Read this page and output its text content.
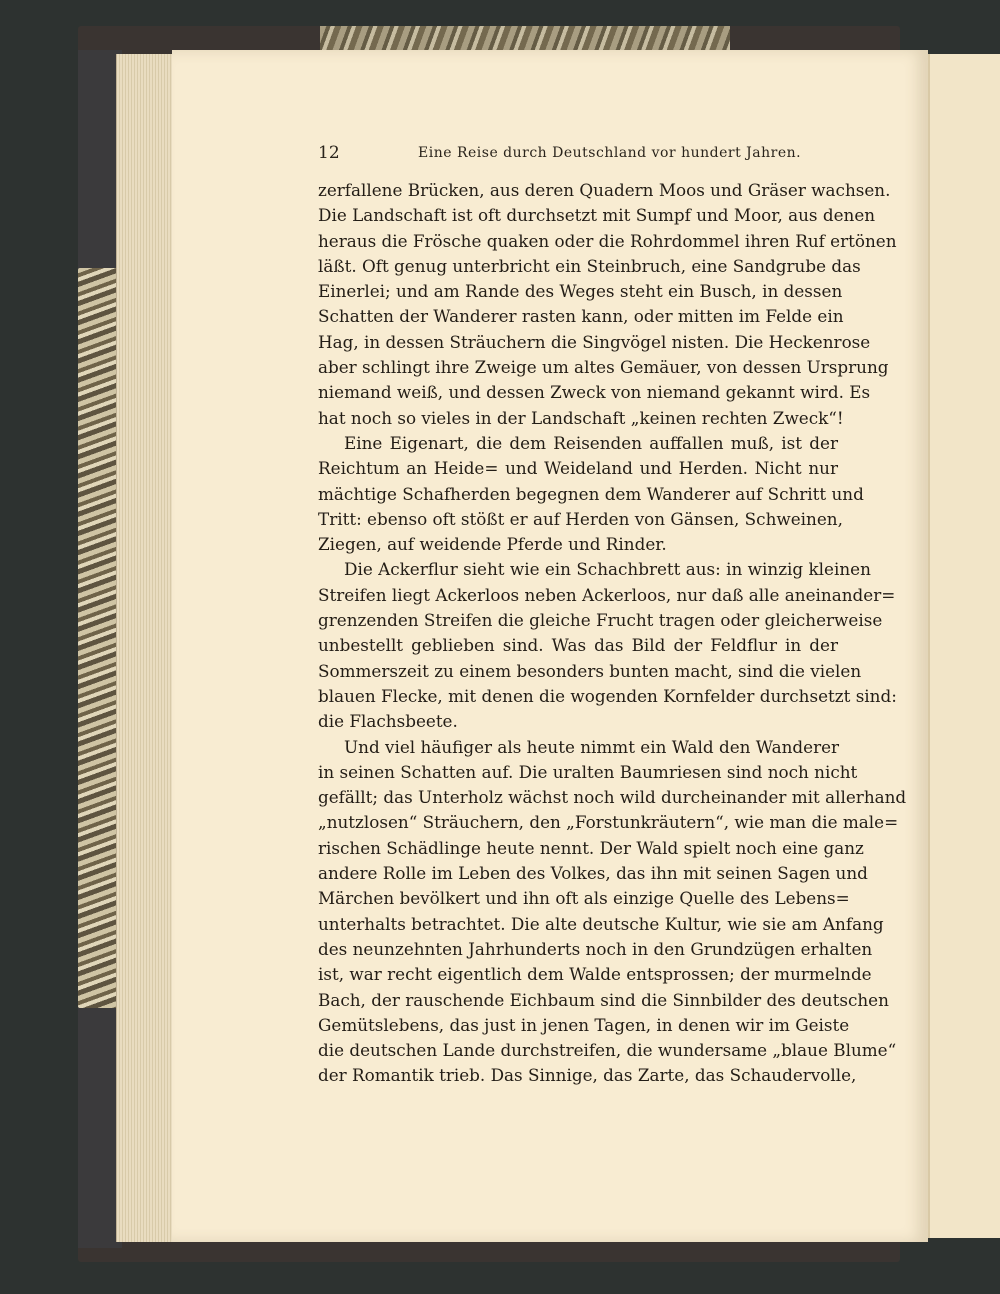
12	Eine Reise durch Deutschland vor hundert Jahren.
zerfallene Brücken, aus deren Quadern Moos und Gräser wachsen.
Die Landschaft ist oft durchsetzt mit Sumpf und Moor, aus denen
heraus die Frösche quaken oder die Rohrdommel ihren Ruf ertönen
läßt. Oft genug unterbricht ein Steinbruch, eine Sandgrube das
Einerlei; und am Rande des Weges steht ein Busch, in dessen
Schatten der Wanderer rasten kann, oder mitten im Felde ein
Hag, in dessen Sträuchern die Singvögel nisten. Die Heckenrose
aber schlingt ihre Zweige um altes Gemäuer, von dessen Ursprung
niemand weiß, und dessen Zweck von niemand gekannt wird. Es
hat noch so vieles in der Landschaft „keinen rechten Zweck“!
Eine Eigenart, die dem Reisenden auffallen muß, ist der
Reichtum an Heide= und Weideland und Herden. Nicht nur
mächtige Schafherden begegnen dem Wanderer auf Schritt und
Tritt: ebenso oft stößt er auf Herden von Gänsen, Schweinen,
Ziegen, auf weidende Pferde und Rinder.
Die Ackerflur sieht wie ein Schachbrett aus: in winzig kleinen
Streifen liegt Ackerloos neben Ackerloos, nur daß alle aneinander=
grenzenden Streifen die gleiche Frucht tragen oder gleicherweise
unbestellt geblieben sind. Was das Bild der Feldflur in der
Sommerszeit zu einem besonders bunten macht, sind die vielen
blauen Flecke, mit denen die wogenden Kornfelder durchsetzt sind:
die Flachsbeete.
Und viel häufiger als heute nimmt ein Wald den Wanderer
in seinen Schatten auf. Die uralten Baumriesen sind noch nicht
gefällt; das Unterholz wächst noch wild durcheinander mit allerhand
„nutzlosen“ Sträuchern, den „Forstunkräutern“, wie man die male=
rischen Schädlinge heute nennt. Der Wald spielt noch eine ganz
andere Rolle im Leben des Volkes, das ihn mit seinen Sagen und
Märchen bevölkert und ihn oft als einzige Quelle des Lebens=
unterhalts betrachtet. Die alte deutsche Kultur, wie sie am Anfang
des neunzehnten Jahrhunderts noch in den Grundzügen erhalten
ist, war recht eigentlich dem Walde entsprossen; der murmelnde
Bach, der rauschende Eichbaum sind die Sinnbilder des deutschen
Gemütslebens, das just in jenen Tagen, in denen wir im Geiste
die deutschen Lande durchstreifen, die wundersame „blaue Blume“
der Romantik trieb. Das Sinnige, das Zarte, das Schaudervolle,
